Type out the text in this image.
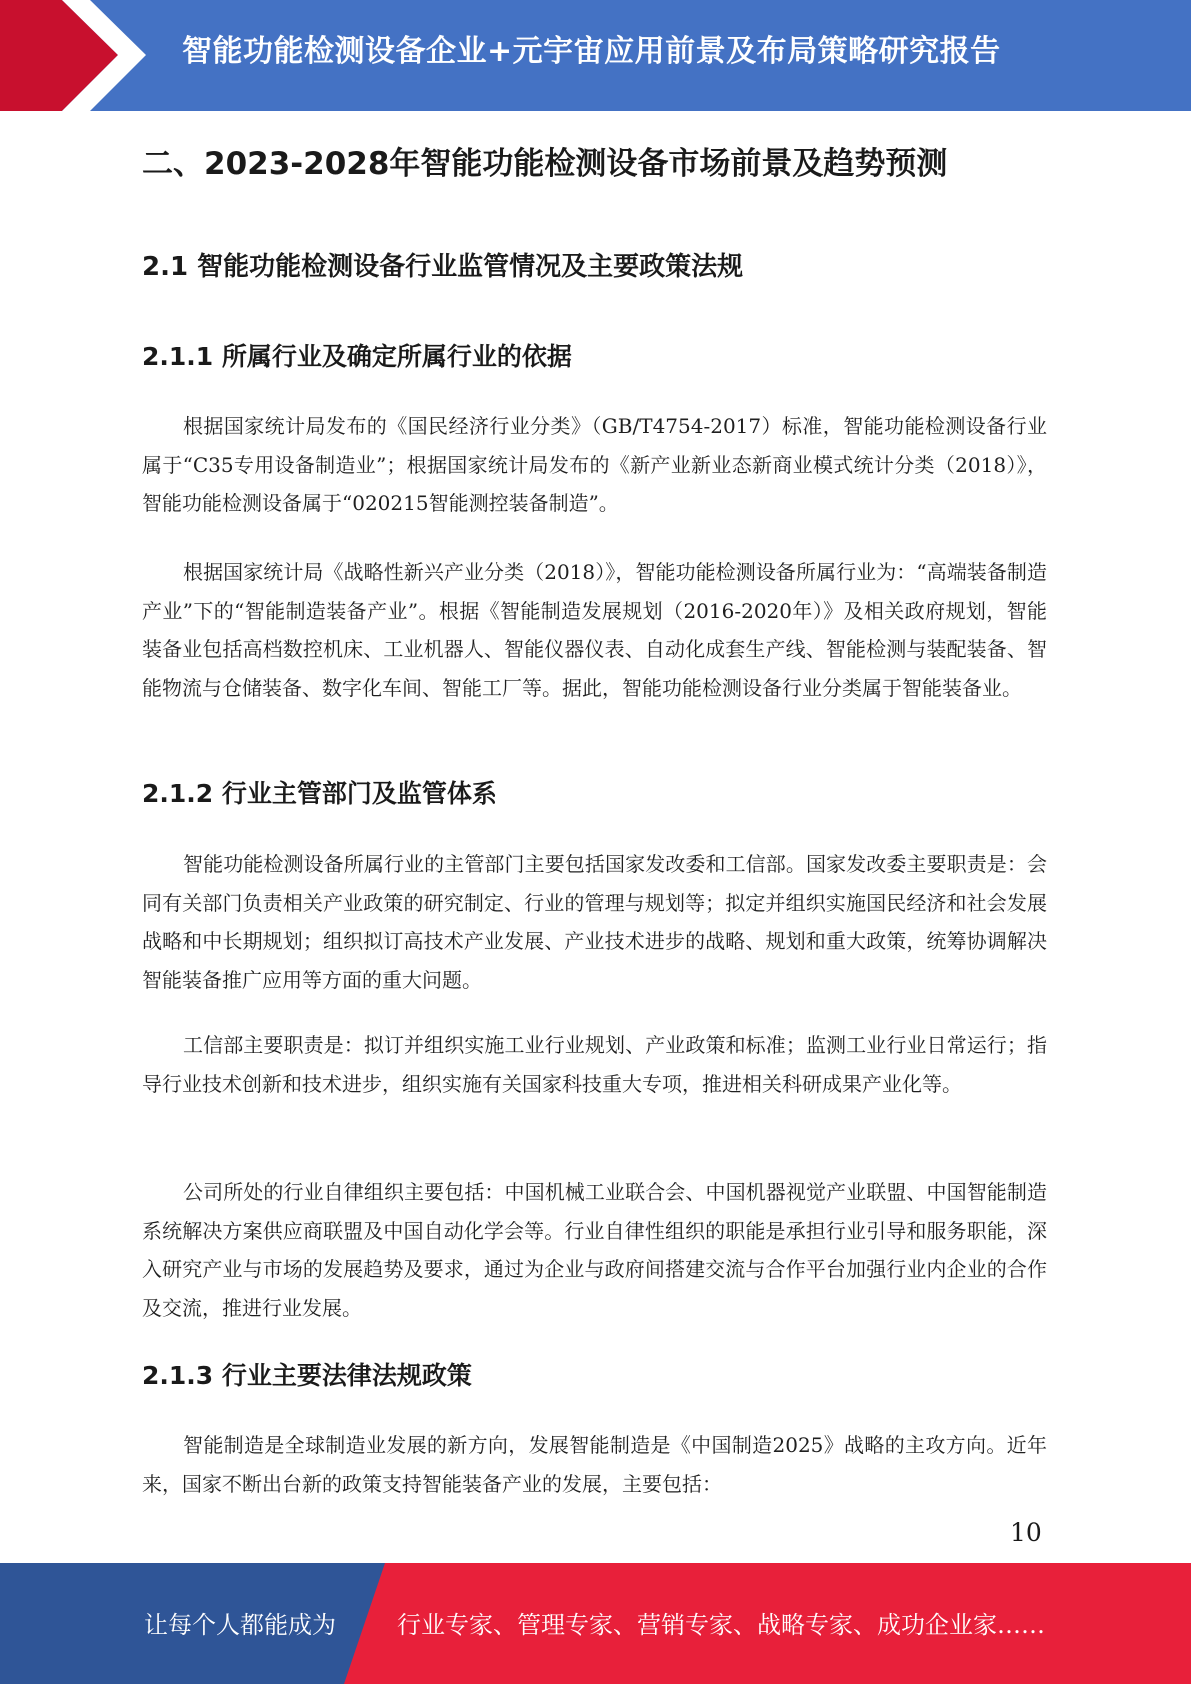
智能功能检测设备企业+元宇宙应用前景及布局策略研究报告
二、2023-2028年智能功能检测设备市场前景及趋势预测
2.1 智能功能检测设备行业监管情况及主要政策法规
2.1.1 所属行业及确定所属行业的依据

根据国家统计局发布的《国民经济行业分类》（GB/T4754-2017）标准，智能功能检测设备行业属于“C35专用设备制造业”；根据国家统计局发布的《新产业新业态新商业模式统计分类（2018）》，智能功能检测设备属于“020215智能测控装备制造”。

根据国家统计局《战略性新兴产业分类（2018）》，智能功能检测设备所属行业为：“高端装备制造产业”下的“智能制造装备产业”。根据《智能制造发展规划（2016-2020年）》及相关政府规划，智能装备业包括高档数控机床、工业机器人、智能仪器仪表、自动化成套生产线、智能检测与装配装备、智能物流与仓储装备、数字化车间、智能工厂等。据此，智能功能检测设备行业分类属于智能装备业。

2.1.2 行业主管部门及监管体系

智能功能检测设备所属行业的主管部门主要包括国家发改委和工信部。国家发改委主要职责是：会同有关部门负责相关产业政策的研究制定、行业的管理与规划等；拟定并组织实施国民经济和社会发展战略和中长期规划；组织拟订高技术产业发展、产业技术进步的战略、规划和重大政策，统筹协调解决智能装备推广应用等方面的重大问题。

工信部主要职责是：拟订并组织实施工业行业规划、产业政策和标准；监测工业行业日常运行；指导行业技术创新和技术进步，组织实施有关国家科技重大专项，推进相关科研成果产业化等。

公司所处的行业自律组织主要包括：中国机械工业联合会、中国机器视觉产业联盟、中国智能制造系统解决方案供应商联盟及中国自动化学会等。行业自律性组织的职能是承担行业引导和服务职能，深入研究产业与市场的发展趋势及要求，通过为企业与政府间搭建交流与合作平台加强行业内企业的合作及交流，推进行业发展。

2.1.3 行业主要法律法规政策

智能制造是全球制造业发展的新方向，发展智能制造是《中国制造2025》战略的主攻方向。近年来，国家不断出台新的政策支持智能装备产业的发展，主要包括：

10
让每个人都能成为	行业专家、管理专家、营销专家、战略专家、成功企业家……
